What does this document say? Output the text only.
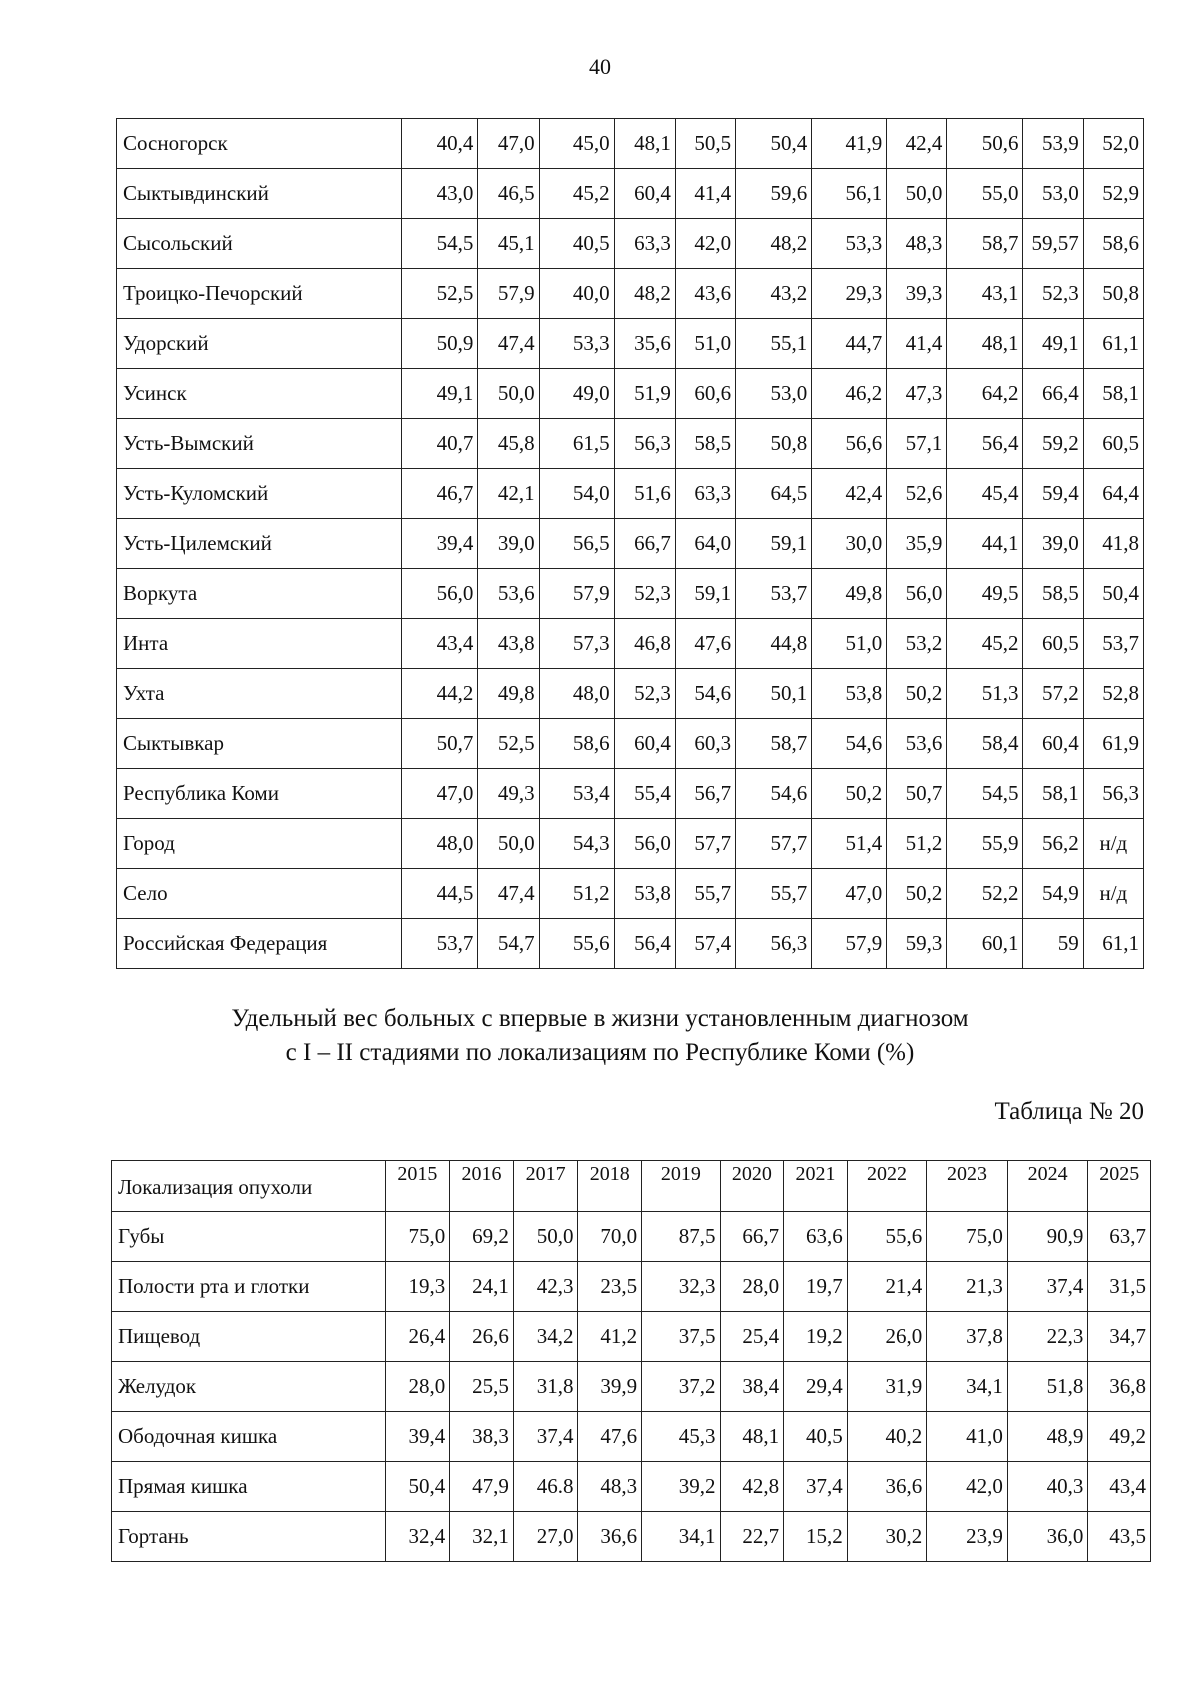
40
Сосногорск	40,4	47,0	45,0	48,1	50,5	50,4	41,9	42,4	50,6	53,9	52,0
Сыктывдинский	43,0	46,5	45,2	60,4	41,4	59,6	56,1	50,0	55,0	53,0	52,9
Сысольский	54,5	45,1	40,5	63,3	42,0	48,2	53,3	48,3	58,7	59,57	58,6
Троицко-Печорский	52,5	57,9	40,0	48,2	43,6	43,2	29,3	39,3	43,1	52,3	50,8
Удорский	50,9	47,4	53,3	35,6	51,0	55,1	44,7	41,4	48,1	49,1	61,1
Усинск	49,1	50,0	49,0	51,9	60,6	53,0	46,2	47,3	64,2	66,4	58,1
Усть-Вымский	40,7	45,8	61,5	56,3	58,5	50,8	56,6	57,1	56,4	59,2	60,5
Усть-Куломский	46,7	42,1	54,0	51,6	63,3	64,5	42,4	52,6	45,4	59,4	64,4
Усть-Цилемский	39,4	39,0	56,5	66,7	64,0	59,1	30,0	35,9	44,1	39,0	41,8
Воркута	56,0	53,6	57,9	52,3	59,1	53,7	49,8	56,0	49,5	58,5	50,4
Инта	43,4	43,8	57,3	46,8	47,6	44,8	51,0	53,2	45,2	60,5	53,7
Ухта	44,2	49,8	48,0	52,3	54,6	50,1	53,8	50,2	51,3	57,2	52,8
Сыктывкар	50,7	52,5	58,6	60,4	60,3	58,7	54,6	53,6	58,4	60,4	61,9
Республика Коми	47,0	49,3	53,4	55,4	56,7	54,6	50,2	50,7	54,5	58,1	56,3
Город	48,0	50,0	54,3	56,0	57,7	57,7	51,4	51,2	55,9	56,2	н/д
Село	44,5	47,4	51,2	53,8	55,7	55,7	47,0	50,2	52,2	54,9	н/д
Российская Федерация	53,7	54,7	55,6	56,4	57,4	56,3	57,9	59,3	60,1	59	61,1
Удельный вес больных с впервые в жизни установленным диагнозом
с I – II стадиями по локализациям по Республике Коми (%)
Таблица № 20
Локализация опухоли	2015	2016	2017	2018	2019	2020	2021	2022	2023	2024	2025
Губы	75,0	69,2	50,0	70,0	87,5	66,7	63,6	55,6	75,0	90,9	63,7
Полости рта и глотки	19,3	24,1	42,3	23,5	32,3	28,0	19,7	21,4	21,3	37,4	31,5
Пищевод	26,4	26,6	34,2	41,2	37,5	25,4	19,2	26,0	37,8	22,3	34,7
Желудок	28,0	25,5	31,8	39,9	37,2	38,4	29,4	31,9	34,1	51,8	36,8
Ободочная кишка	39,4	38,3	37,4	47,6	45,3	48,1	40,5	40,2	41,0	48,9	49,2
Прямая кишка	50,4	47,9	46.8	48,3	39,2	42,8	37,4	36,6	42,0	40,3	43,4
Гортань	32,4	32,1	27,0	36,6	34,1	22,7	15,2	30,2	23,9	36,0	43,5
